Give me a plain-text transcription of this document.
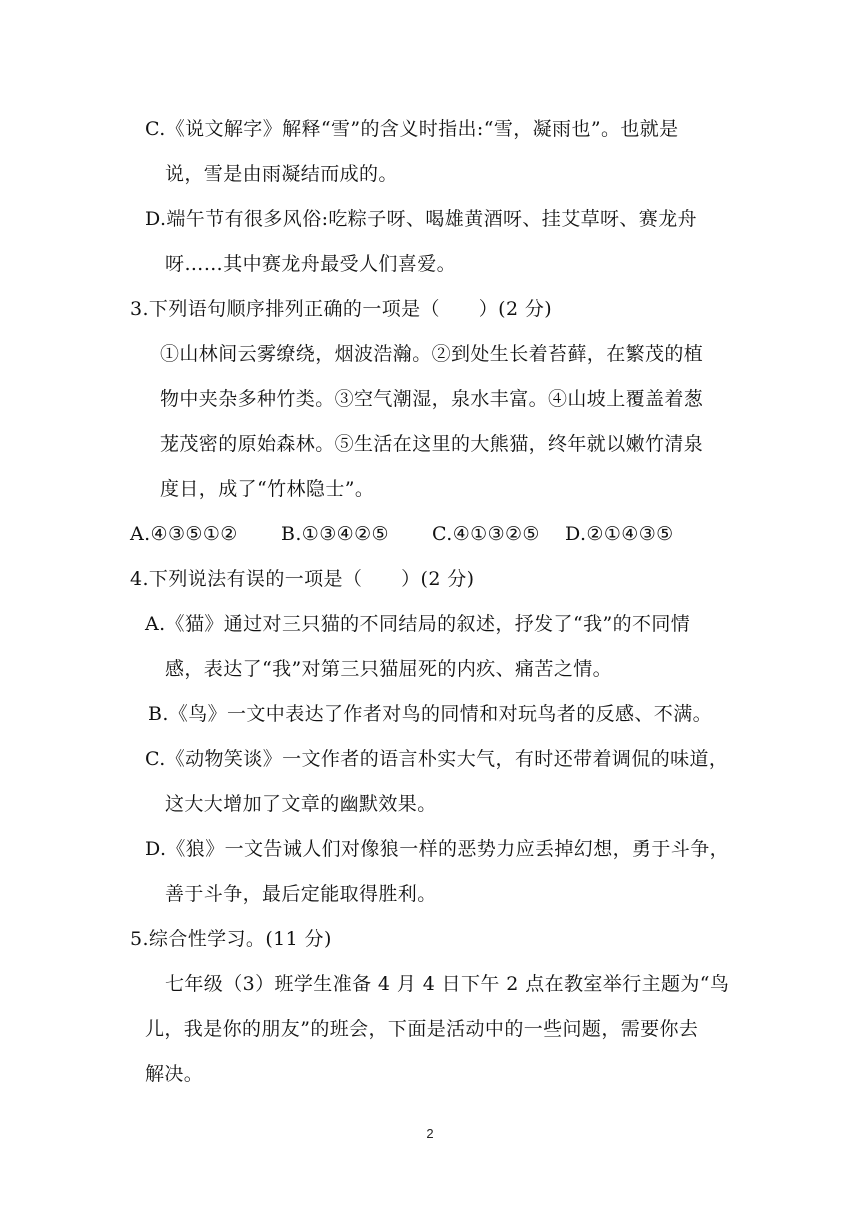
C.《说文解字》解释“雪”的含义时指出:“雪，凝雨也”。也就是
说，雪是由雨凝结而成的。
D.端午节有很多风俗:吃粽子呀、喝雄黄酒呀、挂艾草呀、赛龙舟
呀……其中赛龙舟最受人们喜爱。
3.下列语句顺序排列正确的一项是（　　）(2 分)
①山林间云雾缭绕，烟波浩瀚。②到处生长着苔藓，在繁茂的植
物中夹杂多种竹类。③空气潮湿，泉水丰富。④山坡上覆盖着葱
茏茂密的原始森林。⑤生活在这里的大熊猫，终年就以嫩竹清泉
度日，成了“竹林隐士”。
A.④③⑤①② B.①③④②⑤ C.④①③②⑤ D.②①④③⑤
4.下列说法有误的一项是（　　）(2 分)
A.《猫》通过对三只猫的不同结局的叙述，抒发了“我”的不同情
感，表达了“我”对第三只猫屈死的内疚、痛苦之情。
B.《鸟》一文中表达了作者对鸟的同情和对玩鸟者的反感、不满。
C.《动物笑谈》一文作者的语言朴实大气，有时还带着调侃的味道，
这大大增加了文章的幽默效果。
D.《狼》一文告诫人们对像狼一样的恶势力应丢掉幻想，勇于斗争，
善于斗争，最后定能取得胜利。
5.综合性学习。(11 分)
七年级（3）班学生准备 4 月 4 日下午 2 点在教室举行主题为“鸟
儿，我是你的朋友”的班会，下面是活动中的一些问题，需要你去
解决。
2
